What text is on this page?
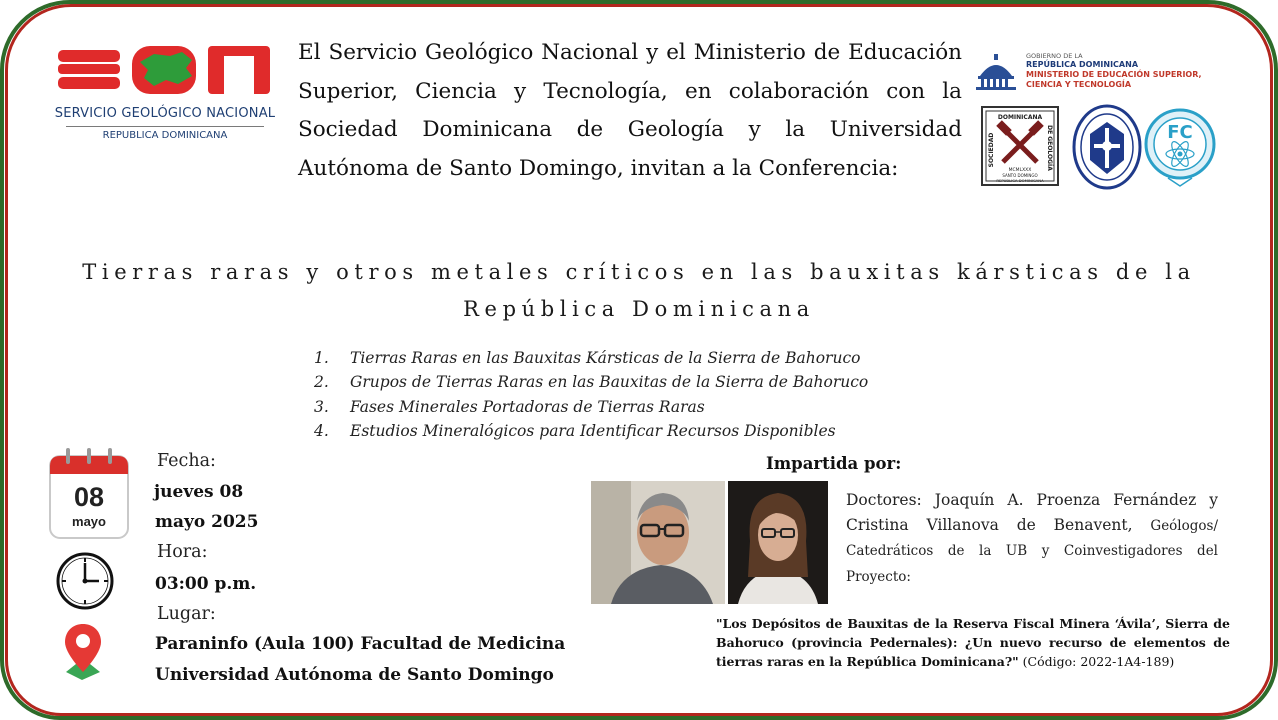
SERVICIO GEOLÓGICO NACIONAL
REPUBLICA DOMINICANA
El Servicio Geológico Nacional y el Ministerio de Educación Superior, Ciencia y Tecnología, en colaboración con la Sociedad Dominicana de Geología y la Universidad Autónoma de Santo Domingo, invitan a la Conferencia:
GOBIERNO DE LA
REPÚBLICA DOMINICANA
MINISTERIO DE EDUCACIÓN SUPERIOR, CIENCIA Y TECNOLOGÍA
DOMINICANA
SOCIEDAD	DE GEOLOGÍA
MCMLXXX
SANTO DOMINGO
REPÚBLICA DOMINICANA
FC
Tierras raras y otros metales críticos en las bauxitas kársticas de la República Dominicana
1. Tierras Raras en las Bauxitas Kársticas de la Sierra de Bahoruco
2. Grupos de Tierras Raras en las Bauxitas de la Sierra de Bahoruco
3. Fases Minerales Portadoras de Tierras Raras
4. Estudios Mineralógicos para Identificar Recursos Disponibles
08
mayo
Fecha:
jueves 08
mayo 2025
Hora:
03:00 p.m.
Lugar:
Paraninfo (Aula 100) Facultad de Medicina
Universidad Autónoma de Santo Domingo
Impartida por:
Doctores: Joaquín A. Proenza Fernández y Cristina Villanova de Benavent, Geólogos/ Catedráticos de la UB y Coinvestigadores del Proyecto:
"Los Depósitos de Bauxitas de la Reserva Fiscal Minera ‘Ávila’, Sierra de Bahoruco (provincia Pedernales): ¿Un nuevo recurso de elementos de tierras raras en la República Dominicana?" (Código: 2022-1A4-189)
